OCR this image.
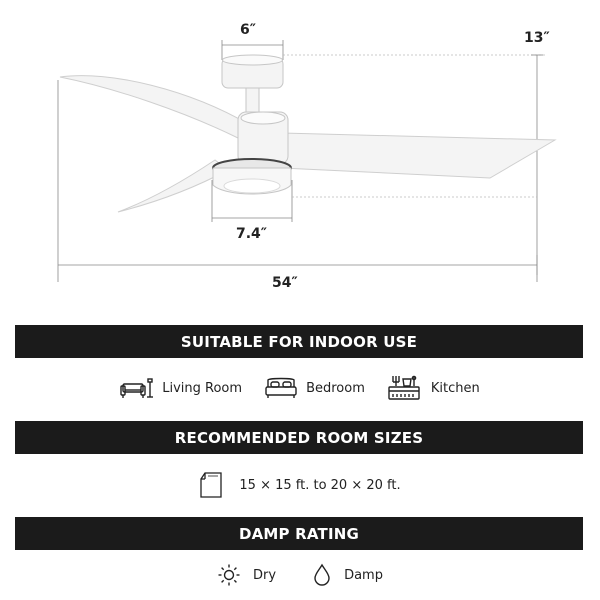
6″	13″
7.4″
54″
SUITABLE FOR INDOOR USE
Living Room	Bedroom	Kitchen
RECOMMENDED ROOM SIZES
15 × 15 ft. to 20 × 20 ft.
DAMP RATING
Dry	Damp
